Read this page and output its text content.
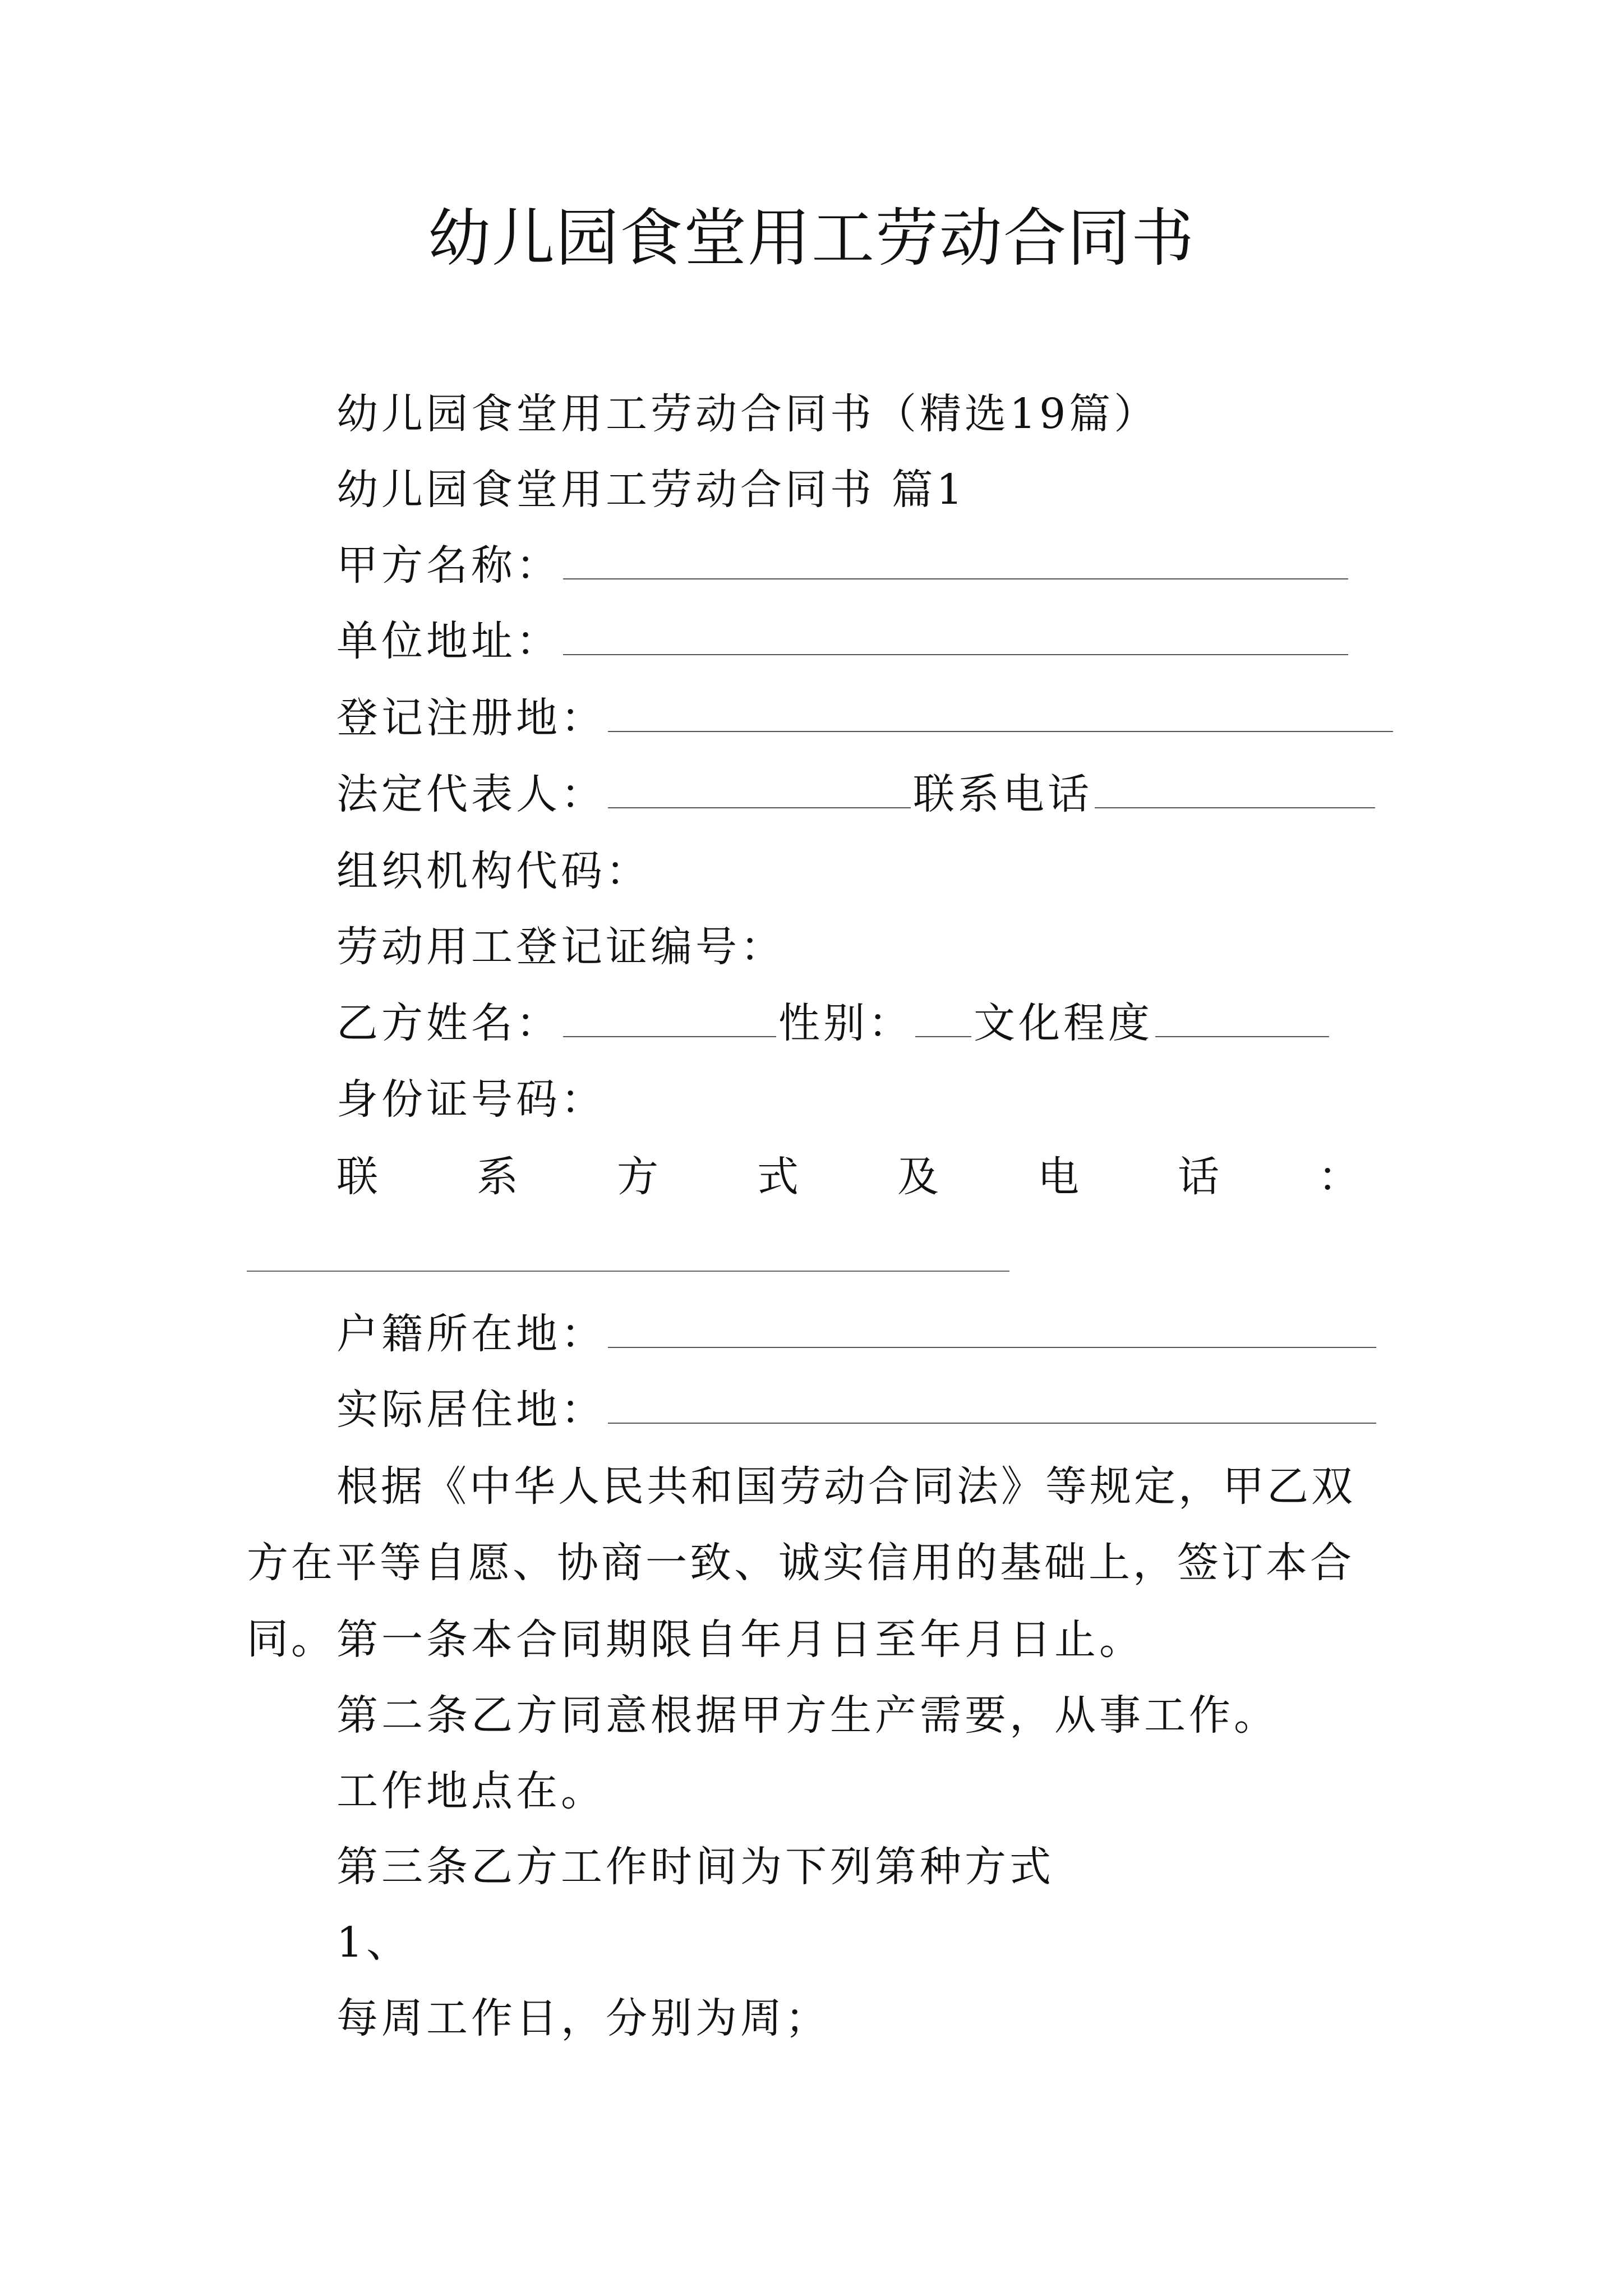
幼儿园食堂用工劳动合同书
幼儿园食堂用工劳动合同书（精选19篇）
幼儿园食堂用工劳动合同书 篇1
甲方名称：
单位地址：
登记注册地：
法定代表人：	联系电话
组织机构代码：
劳动用工登记证编号：
乙方姓名：	性别： 文化程度
身份证号码：
联 系 方 式 及 电 话 ：
户籍所在地：
实际居住地：
根据《中华人民共和国劳动合同法》等规定，甲乙双方在平等自愿、协商一致、诚实信用的基础上，签订本合同。 第一条本合同期限自年月日至年月日止。
第二条乙方同意根据甲方生产需要，从事工作。
工作地点在。
第三条乙方工作时间为下列第种方式
1、
每周工作日，分别为周；
